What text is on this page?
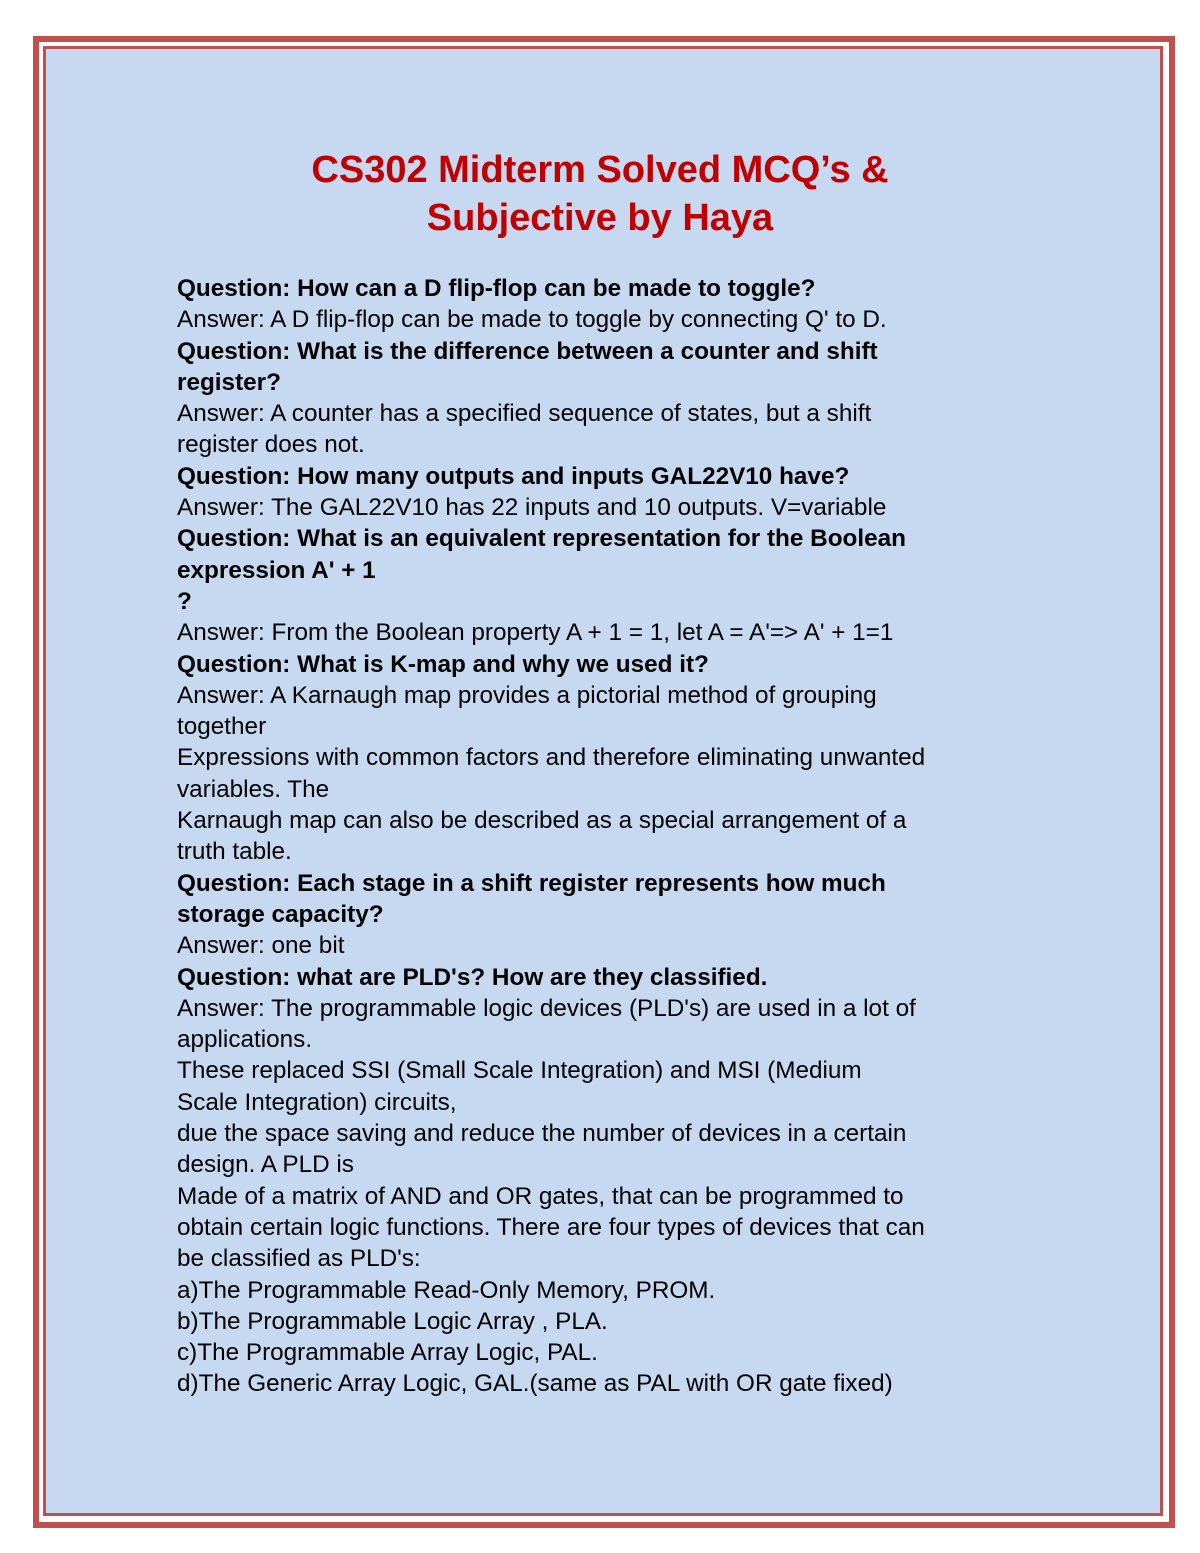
CS302 Midterm Solved MCQ’s &
Subjective by Haya

Question: How can a D flip-flop can be made to toggle?

Answer: A D flip-flop can be made to toggle by connecting Q' to D.

Question: What is the difference between a counter and shift

register?

Answer: A counter has a specified sequence of states, but a shift

register does not.

Question: How many outputs and inputs GAL22V10 have?

Answer: The GAL22V10 has 22 inputs and 10 outputs. V=variable

Question: What is an equivalent representation for the Boolean

expression A' + 1

?

Answer: From the Boolean property A + 1 = 1, let A = A'=> A' + 1=1

Question: What is K-map and why we used it?

Answer: A Karnaugh map provides a pictorial method of grouping

together

Expressions with common factors and therefore eliminating unwanted

variables. The

Karnaugh map can also be described as a special arrangement of a

truth table.

Question: Each stage in a shift register represents how much

storage capacity?

Answer: one bit

Question: what are PLD's? How are they classified.

Answer: The programmable logic devices (PLD's) are used in a lot of

applications.

These replaced SSI (Small Scale Integration) and MSI (Medium

Scale Integration) circuits,

due the space saving and reduce the number of devices in a certain

design. A PLD is

Made of a matrix of AND and OR gates, that can be programmed to

obtain certain logic functions. There are four types of devices that can

be classified as PLD's:

a)The Programmable Read-Only Memory, PROM.

b)The Programmable Logic Array , PLA.

c)The Programmable Array Logic, PAL.

d)The Generic Array Logic, GAL.(same as PAL with OR gate fixed)
